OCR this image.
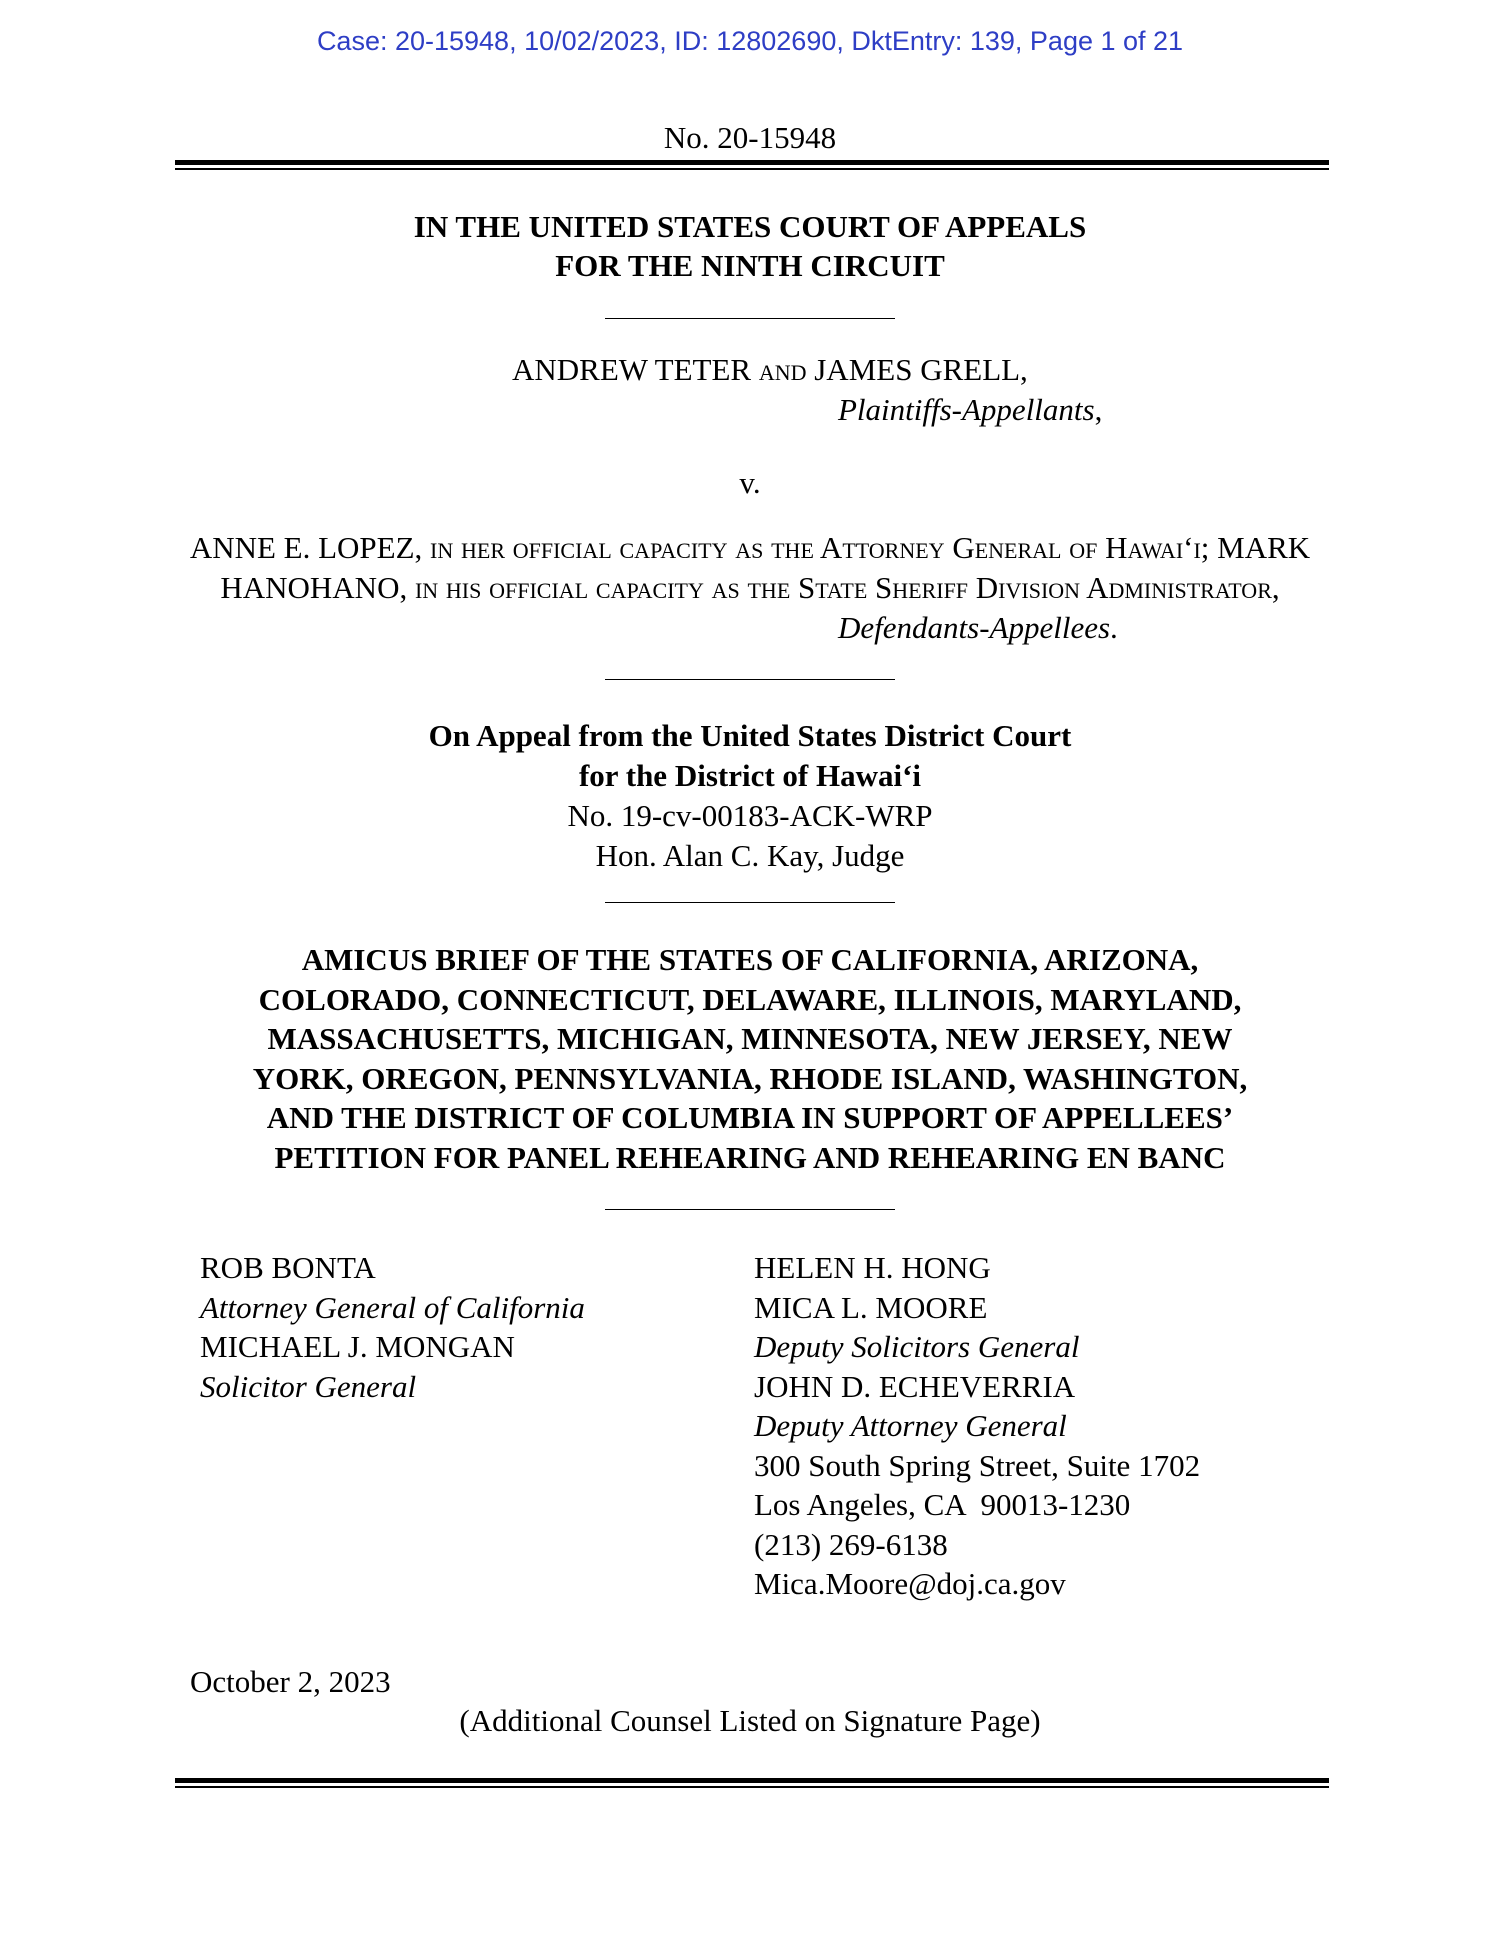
Case: 20-15948, 10/02/2023, ID: 12802690, DktEntry: 139, Page 1 of 21
No. 20-15948
IN THE UNITED STATES COURT OF APPEALS
FOR THE NINTH CIRCUIT
ANDREW TETER and JAMES GRELL,
Plaintiffs-Appellants,
v.
ANNE E. LOPEZ, in her official capacity as the Attorney General of Hawai‘i; MARK
HANOHANO, in his official capacity as the State Sheriff Division Administrator,
Defendants-Appellees.
On Appeal from the United States District Court
for the District of Hawai‘i
No. 19-cv-00183-ACK-WRP
Hon. Alan C. Kay, Judge
AMICUS BRIEF OF THE STATES OF CALIFORNIA, ARIZONA,
COLORADO, CONNECTICUT, DELAWARE, ILLINOIS, MARYLAND,
MASSACHUSETTS, MICHIGAN, MINNESOTA, NEW JERSEY, NEW
YORK, OREGON, PENNSYLVANIA, RHODE ISLAND, WASHINGTON,
AND THE DISTRICT OF COLUMBIA IN SUPPORT OF APPELLEES’
PETITION FOR PANEL REHEARING AND REHEARING EN BANC
ROB BONTA
Attorney General of California
MICHAEL J. MONGAN
Solicitor General
HELEN H. HONG
MICA L. MOORE
Deputy Solicitors General
JOHN D. ECHEVERRIA
Deputy Attorney General
300 South Spring Street, Suite 1702
Los Angeles, CA  90013-1230
(213) 269-6138
Mica.Moore@doj.ca.gov
October 2, 2023
(Additional Counsel Listed on Signature Page)
